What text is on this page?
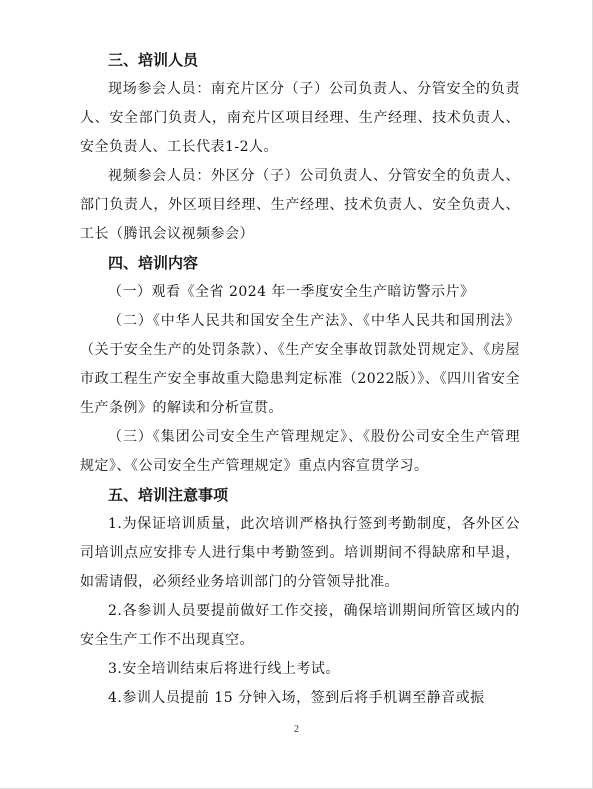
三、培训人员

现场参会人员：南充片区分（子）公司负责人、分管安全的负责人、安全部门负责人，南充片区项目经理、生产经理、技术负责人、安全负责人、工长代表1-2人。

视频参会人员：外区分（子）公司负责人、分管安全的负责人、部门负责人，外区项目经理、生产经理、技术负责人、安全负责人、工长（腾讯会议视频参会）

四、培训内容

（一）观看《全省 2024 年一季度安全生产暗访警示片》

（二）《中华人民共和国安全生产法》、《中华人民共和国刑法》（关于安全生产的处罚条款）、《生产安全事故罚款处罚规定》、《房屋市政工程生产安全事故重大隐患判定标准（2022版）》、《四川省安全生产条例》的解读和分析宣贯。

（三）《集团公司安全生产管理规定》、《股份公司安全生产管理规定》、《公司安全生产管理规定》重点内容宣贯学习。

五、培训注意事项

1.为保证培训质量，此次培训严格执行签到考勤制度，各外区公司培训点应安排专人进行集中考勤签到。培训期间不得缺席和早退，如需请假，必须经业务培训部门的分管领导批准。

2.各参训人员要提前做好工作交接，确保培训期间所管区域内的安全生产工作不出现真空。

3.安全培训结束后将进行线上考试。

4.参训人员提前 15 分钟入场，签到后将手机调至静音或振

2
